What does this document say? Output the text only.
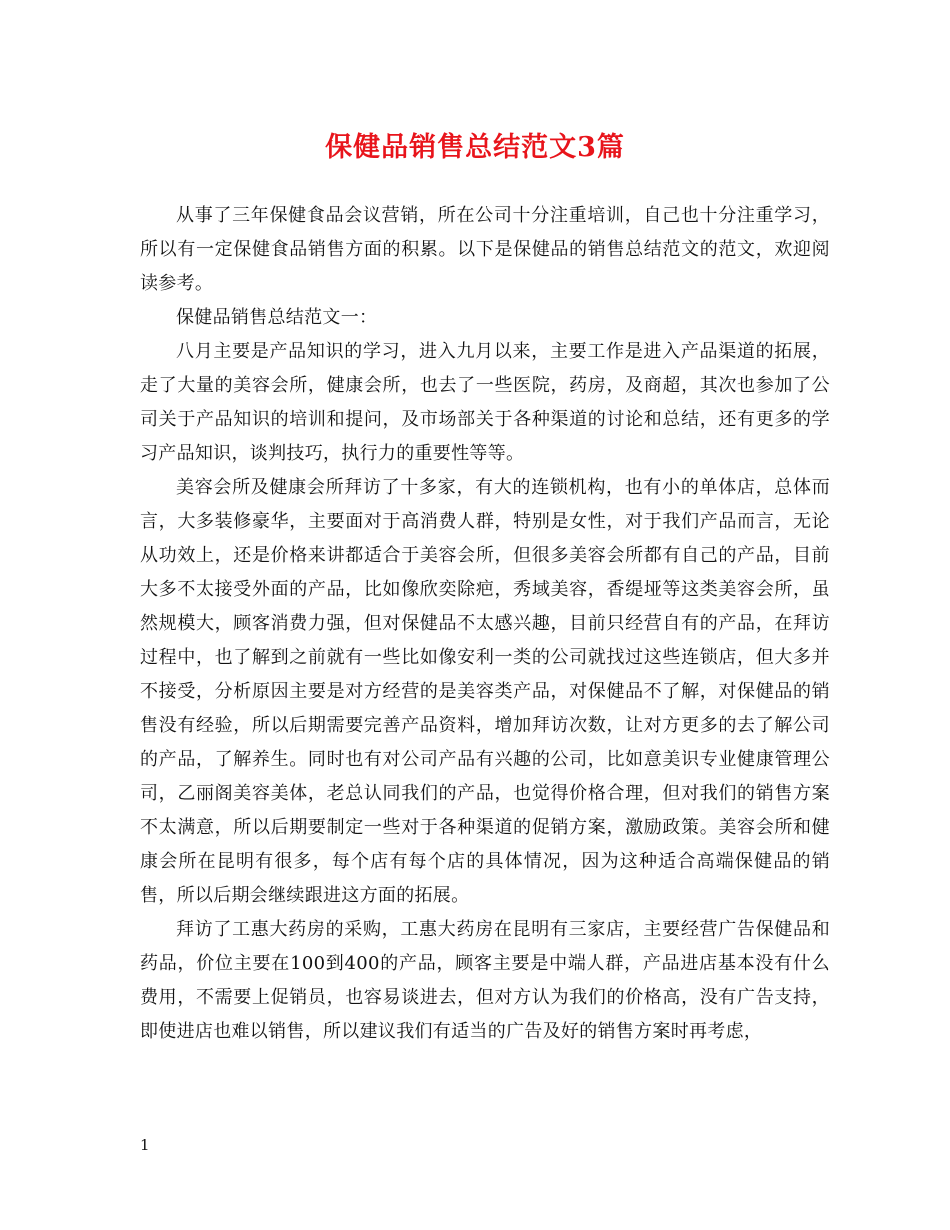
保健品销售总结范文3篇

从事了三年保健食品会议营销，所在公司十分注重培训，自己也十分注重学习，所以有一定保健食品销售方面的积累。以下是保健品的销售总结范文的范文，欢迎阅读参考。

保健品销售总结范文一：

八月主要是产品知识的学习，进入九月以来，主要工作是进入产品渠道的拓展，走了大量的美容会所，健康会所，也去了一些医院，药房，及商超，其次也参加了公司关于产品知识的培训和提问，及市场部关于各种渠道的讨论和总结，还有更多的学习产品知识，谈判技巧，执行力的重要性等等。

美容会所及健康会所拜访了十多家，有大的连锁机构，也有小的单体店，总体而言，大多装修豪华，主要面对于高消费人群，特别是女性，对于我们产品而言，无论从功效上，还是价格来讲都适合于美容会所，但很多美容会所都有自己的产品，目前大多不太接受外面的产品，比如像欣奕除疤，秀域美容，香缇垭等这类美容会所，虽然规模大，顾客消费力强，但对保健品不太感兴趣，目前只经营自有的产品，在拜访过程中，也了解到之前就有一些比如像安利一类的公司就找过这些连锁店，但大多并不接受，分析原因主要是对方经营的是美容类产品，对保健品不了解，对保健品的销售没有经验，所以后期需要完善产品资料，增加拜访次数，让对方更多的去了解公司的产品，了解养生。同时也有对公司产品有兴趣的公司，比如意美识专业健康管理公司，乙丽阁美容美体，老总认同我们的产品，也觉得价格合理，但对我们的销售方案不太满意，所以后期要制定一些对于各种渠道的促销方案，激励政策。美容会所和健康会所在昆明有很多，每个店有每个店的具体情况，因为这种适合高端保健品的销售，所以后期会继续跟进这方面的拓展。

拜访了工惠大药房的采购，工惠大药房在昆明有三家店，主要经营广告保健品和药品，价位主要在100到400的产品，顾客主要是中端人群，产品进店基本没有什么费用，不需要上促销员，也容易谈进去，但对方认为我们的价格高，没有广告支持，即使进店也难以销售，所以建议我们有适当的广告及好的销售方案时再考虑，

1
